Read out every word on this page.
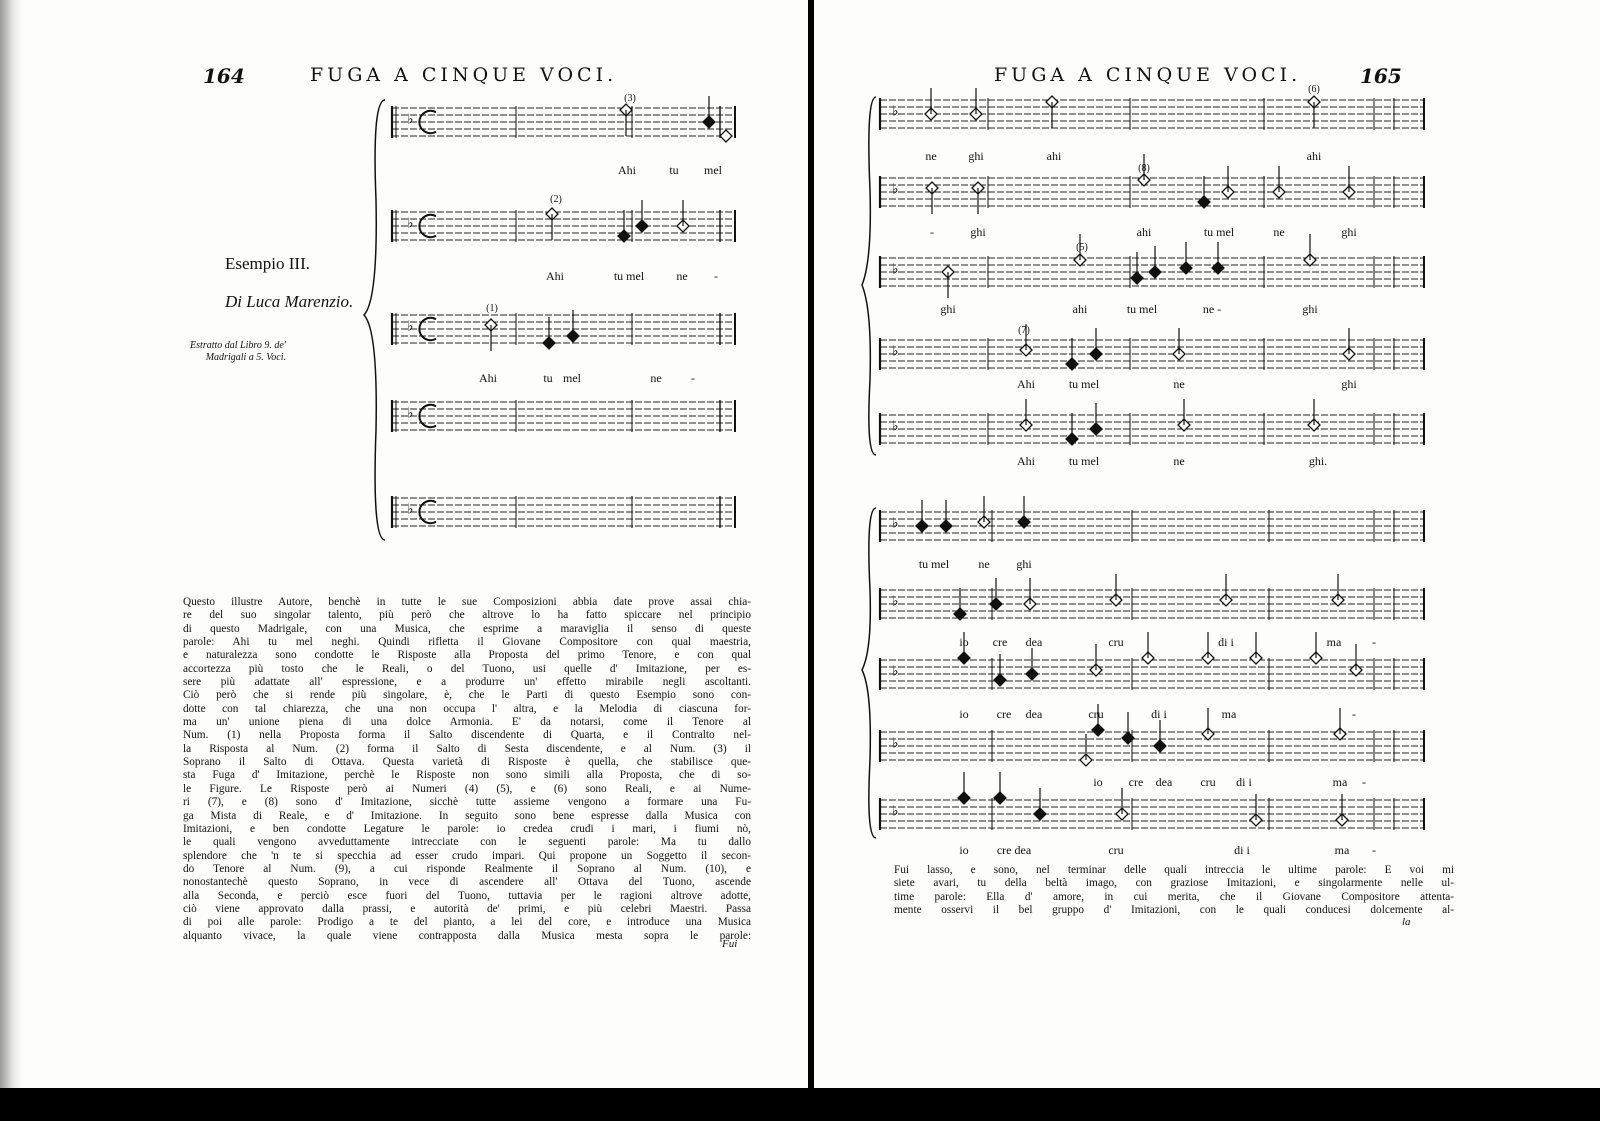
164	FUGA A CINQUE VOCI.
Esempio III.
Di Luca Marenzio.
Estratto dal Libro 9. de' Madrigali a 5. Voci.
♭
♭
♭
♭
♭
Ahi	tu mel
Ahi	tu mel	ne -
Ahi	tu mel	ne -
(3)
(2)
(1)

Questo illustre Autore, benchè in tutte le sue Composizioni abbia date prove assai chia-

re del suo singolar talento, più però che altrove lo ha fatto spiccare nel principio

di questo Madrigale, con una Musica, che esprime a maraviglia il senso di queste

parole: Ahi tu mel neghi. Quindi rifletta il Giovane Compositore con qual maestria,

e naturalezza sono condotte le Risposte alla Proposta del primo Tenore, e con qual

accortezza più tosto che le Reali, o del Tuono, usi quelle d' Imitazione, per es-

sere più adattate all' espressione, e a produrre un' effetto mirabile negli ascoltanti.

Ciò però che si rende più singolare, è, che le Parti di questo Esempio sono con-

dotte con tal chiarezza, che una non occupa l' altra, e la Melodia di ciascuna for-

ma un' unione piena di una dolce Armonia. E' da notarsi, come il Tenore al

Num. (1) nella Proposta forma il Salto discendente di Quarta, e il Contralto nel-

la Risposta al Num. (2) forma il Salto di Sesta discendente, e al Num. (3) il

Soprano il Salto di Ottava. Questa varietà di Risposte è quella, che stabilisce que-

sta Fuga d' Imitazione, perchè le Risposte non sono simili alla Proposta, che di so-

le Figure. Le Risposte però ai Numeri (4) (5), e (6) sono Reali, e ai Nume-

ri (7), e (8) sono d' Imitazione, sicchè tutte assieme vengono a formare una Fu-

ga Mista di Reale, e d' Imitazione. In seguito sono bene espresse dalla Musica con

Imitazioni, e ben condotte Legature le parole: io credea crudi i mari, i fiumi nò,

le quali vengono avveduttamente intrecciate con le seguenti parole: Ma tu dallo

splendore che 'n te si specchia ad esser crudo impari. Qui propone un Soggetto il secon-

do Tenore al Num. (9), a cui risponde Realmente il Soprano al Num. (10), e

nonostantechè questo Soprano, in vece di ascendere all' Ottava del Tuono, ascende

alla Seconda, e perciò esce fuori del Tuono, tuttavia per le ragioni altrove adotte,

ciò viene approvato dalla prassi, e autorità de' primi, e più celebri Maestri. Passa

di poi alle parole: Prodigo a te del pianto, a lei del core, e introduce una Musica

alquanto vivace, la quale viene contrapposta dalla Musica mesta sopra le parole:

Fui
FUGA A CINQUE VOCI.	165
♭
♭
♭
♭
♭
♭
♭
♭
♭
♭
ne	ghi	ahi	ahi
-	ghi	ahi	tu mel	ne	ghi
ghi	ahi	tu mel	ne -	ghi
Ahi	tu mel	ne	ghi
Ahi	tu mel	ne	ghi.
(6)
(8)
(5)
(7)
tu mel ne ghi
io cre dea	cru	di i	ma	-
io cre dea	cru	di i	ma	-
io cre dea cru di i	ma -
io cre dea	cru	di i	ma -

Fui lasso, e sono, nel terminar delle quali intreccia le ultime parole: E voi mi

siete avari, tu della beltà imago, con graziose Imitazioni, e singolarmente nelle ul-

time parole: Ella d' amore, in cui merita, che il Giovane Compositore attenta-

mente osservi il bel gruppo d' Imitazioni, con le quali conducesi dolcemente al-

la
